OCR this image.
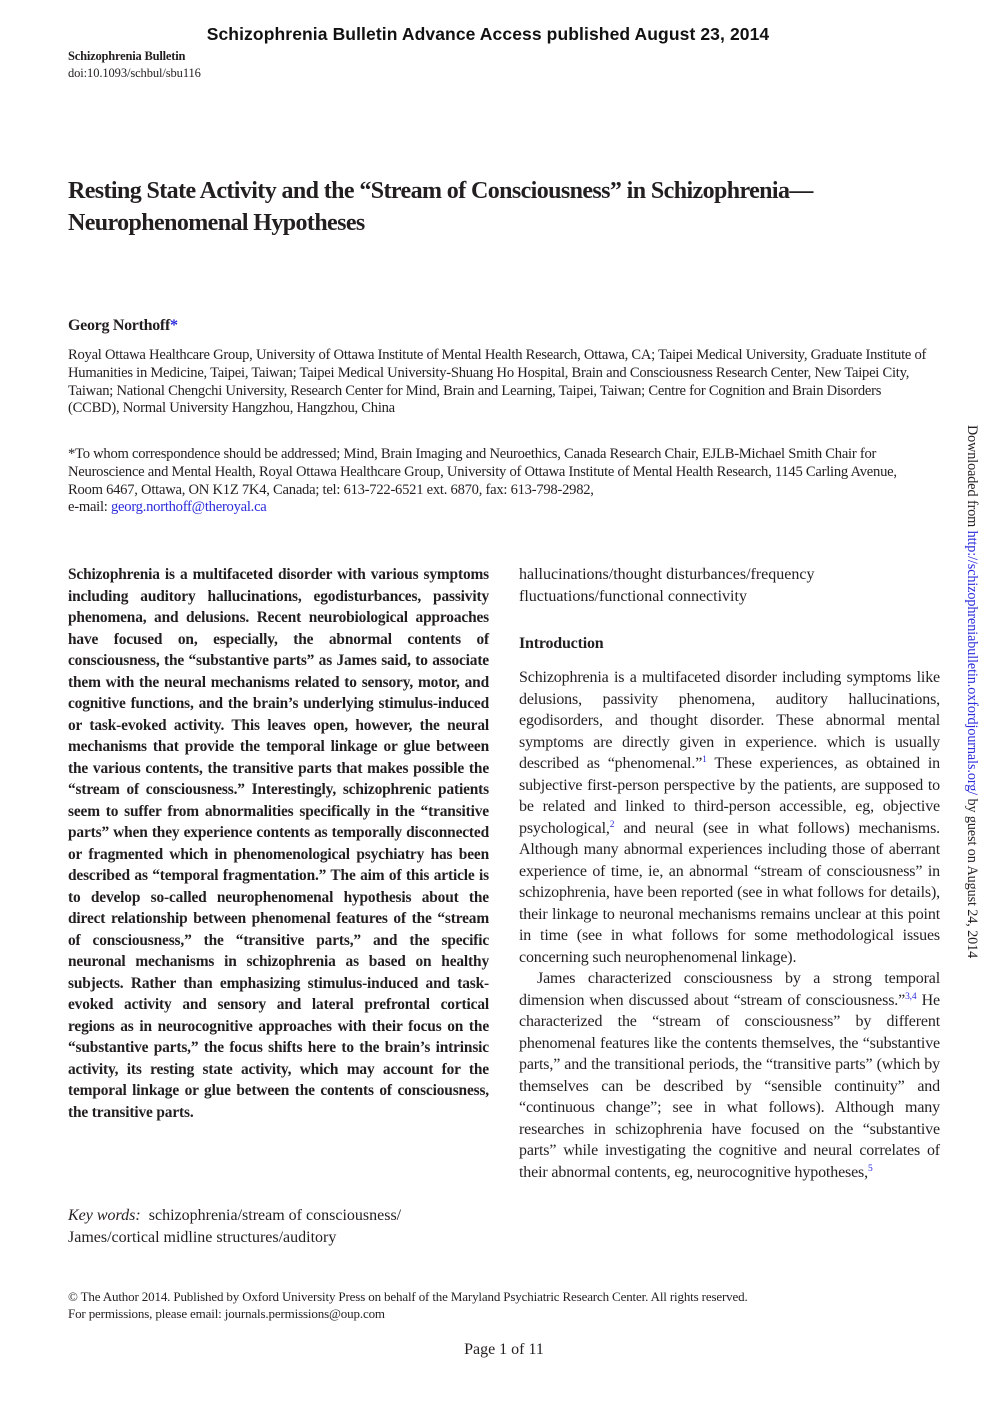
Schizophrenia Bulletin Advance Access published August 23, 2014
Schizophrenia Bulletin
doi:10.1093/schbul/sbu116
Resting State Activity and the “Stream of Consciousness” in Schizophrenia—Neurophenomenal Hypotheses

Georg Northoff*

Royal Ottawa Healthcare Group, University of Ottawa Institute of Mental Health Research, Ottawa, CA; Taipei Medical University, Graduate Institute of Humanities in Medicine, Taipei, Taiwan; Taipei Medical University-Shuang Ho Hospital, Brain and Consciousness Research Center, New Taipei City, Taiwan; National Chengchi University, Research Center for Mind, Brain and Learning, Taipei, Taiwan; Centre for Cognition and Brain Disorders (CCBD), Normal University Hangzhou, Hangzhou, China

*To whom correspondence should be addressed; Mind, Brain Imaging and Neuroethics, Canada Research Chair, EJLB-Michael Smith Chair for Neuroscience and Mental Health, Royal Ottawa Healthcare Group, University of Ottawa Institute of Mental Health Research, 1145 Carling Avenue, Room 6467, Ottawa, ON K1Z 7K4, Canada; tel: 613-722-6521 ext. 6870, fax: 613-798-2982,
e-mail: georg.northoff@theroyal.ca

Schizophrenia is a multifaceted disorder with various symptoms including auditory hallucinations, egodisturbances, passivity phenomena, and delusions. Recent neurobiological approaches have focused on, especially, the abnormal contents of consciousness, the “substantive parts” as James said, to associate them with the neural mechanisms related to sensory, motor, and cognitive functions, and the brain’s underlying stimulus-induced or task-evoked activity. This leaves open, however, the neural mechanisms that provide the temporal linkage or glue between the various contents, the transitive parts that makes possible the “stream of consciousness.” Interestingly, schizophrenic patients seem to suffer from abnormalities specifically in the “transitive parts” when they experience contents as temporally disconnected or fragmented which in phenomenological psychiatry has been described as “temporal fragmentation.” The aim of this article is to develop so-called neurophenomenal hypothesis about the direct relationship between phenomenal features of the “stream of consciousness,” the “transitive parts,” and the specific neuronal mechanisms in schizophrenia as based on healthy subjects. Rather than emphasizing stimulus-induced and task-evoked activity and sensory and lateral prefrontal cortical regions as in neurocognitive approaches with their focus on the “substantive parts,” the focus shifts here to the brain’s intrinsic activity, its resting state activity, which may account for the temporal linkage or glue between the contents of consciousness, the transitive parts.

Key words: schizophrenia/stream of consciousness/ James/cortical midline structures/auditory

hallucinations/thought disturbances/frequency fluctuations/functional connectivity

Introduction

Schizophrenia is a multifaceted disorder including symptoms like delusions, passivity phenomena, auditory hallucinations, egodisorders, and thought disorder. These abnormal mental symptoms are directly given in experience. which is usually described as “phenomenal.”$^1$ These experiences, as obtained in subjective first-person perspective by the patients, are supposed to be related and linked to third-person accessible, eg, objective psychological,$^2$ and neural (see in what follows) mechanisms. Although many abnormal experiences including those of aberrant experience of time, ie, an abnormal “stream of consciousness” in schizophrenia, have been reported (see in what follows for details), their linkage to neuronal mechanisms remains unclear at this point in time (see in what follows for some methodological issues concerning such neurophenomenal linkage).

James characterized consciousness by a strong temporal dimension when discussed about “stream of consciousness.”$^{3,4}$ He characterized the “stream of consciousness” by different phenomenal features like the contents themselves, the “substantive parts,” and the transitional periods, the “transitive parts” (which by themselves can be described by “sensible continuity” and “continuous change”; see in what follows). Although many researches in schizophrenia have focused on the “substantive parts” while investigating the cognitive and neural correlates of their abnormal contents, eg, neurocognitive hypotheses,$^5$

© The Author 2014. Published by Oxford University Press on behalf of the Maryland Psychiatric Research Center. All rights reserved.
For permissions, please email: journals.permissions@oup.com

Page 1 of 11
Downloaded from http://schizophreniabulletin.oxfordjournals.org/ by guest on August 24, 2014
